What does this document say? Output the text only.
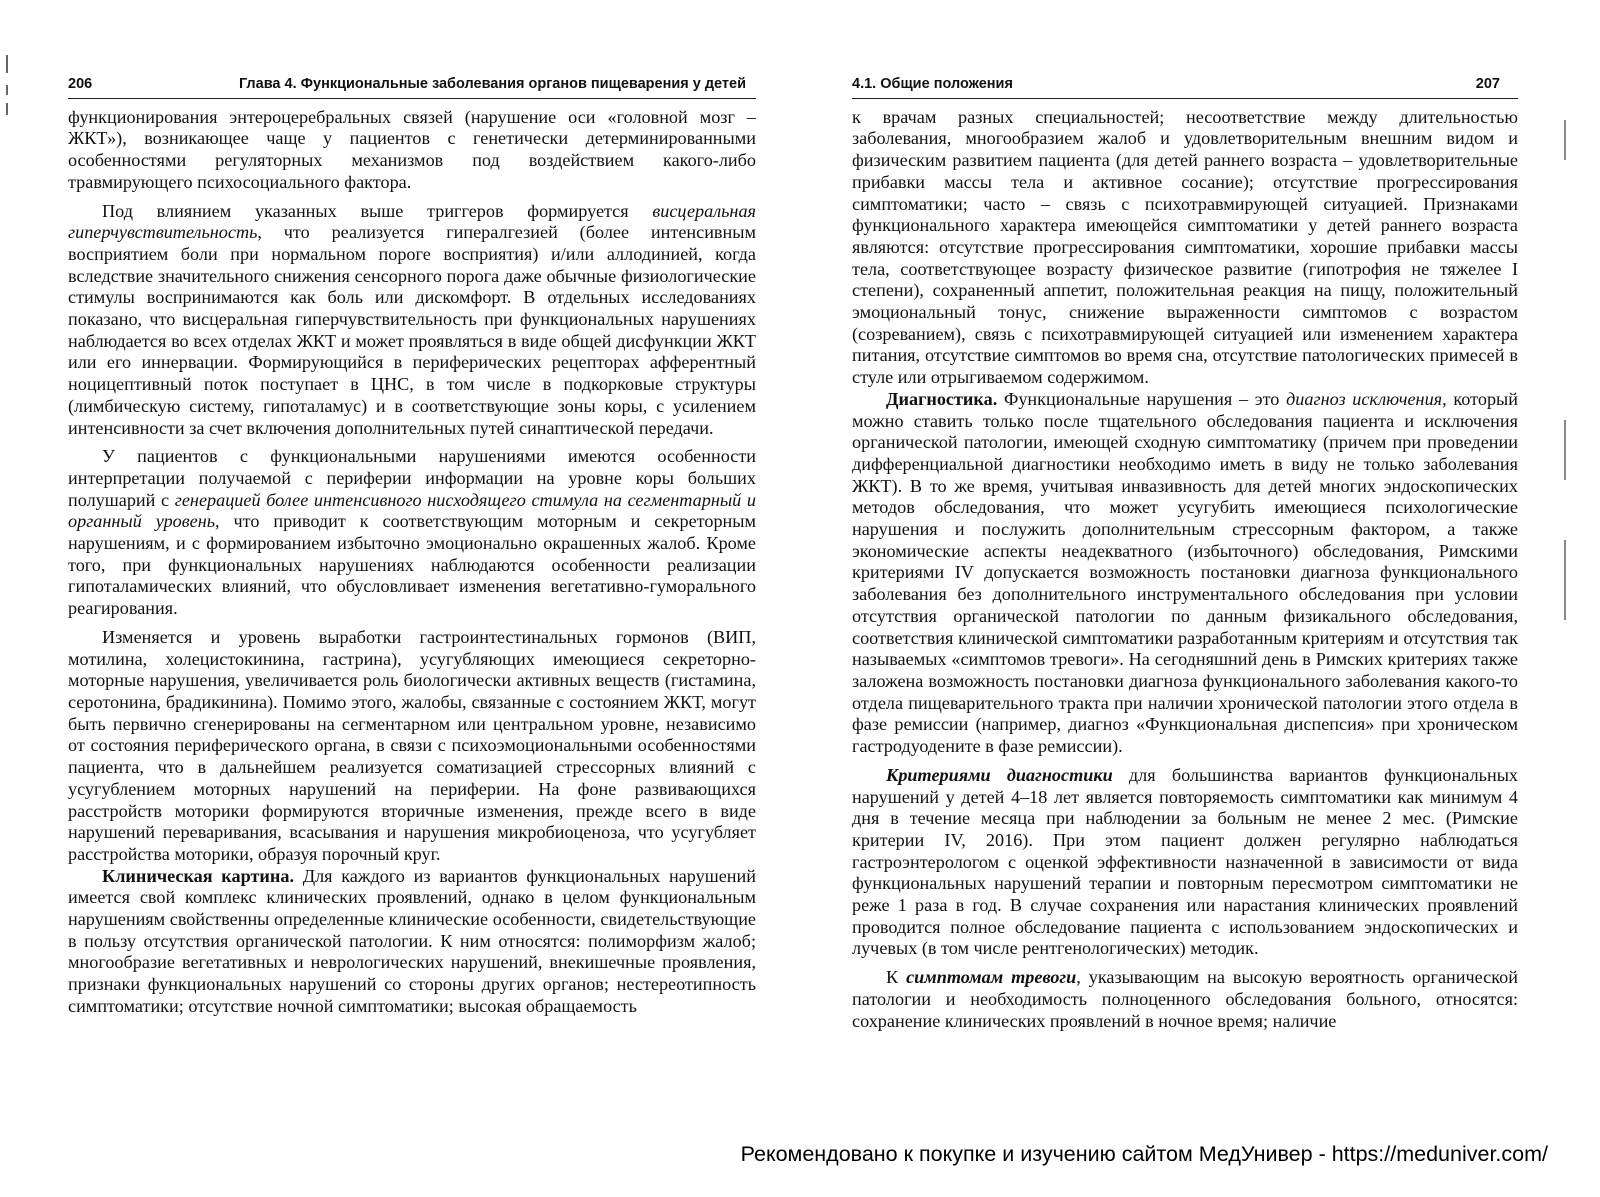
206	Глава 4. Функциональные заболевания органов пищеварения у детей

функционирования энтероцеребральных связей (нарушение оси «головной мозг – ЖКТ»), возникающее чаще у пациентов с генетически детерминированными особенностями регуляторных механизмов под воздействием какого-либо травмирующего психосоциального фактора.

Под влиянием указанных выше триггеров формируется висцеральная гиперчувствительность, что реализуется гипералгезией (более интенсивным восприятием боли при нормальном пороге восприятия) и/или аллодинией, когда вследствие значительного снижения сенсорного порога даже обычные физиологические стимулы воспринимаются как боль или дискомфорт. В отдельных исследованиях показано, что висцеральная гиперчувствительность при функциональных нарушениях наблюдается во всех отделах ЖКТ и может проявляться в виде общей дисфункции ЖКТ или его иннервации. Формирующийся в периферических рецепторах афферентный ноцицептивный поток поступает в ЦНС, в том числе в подкорковые структуры (лимбическую систему, гипоталамус) и в соответствующие зоны коры, с усилением интенсивности за счет включения дополнительных путей синаптической передачи.

У пациентов с функциональными нарушениями имеются особенности интерпретации получаемой с периферии информации на уровне коры больших полушарий с генерацией более интенсивного нисходящего стимула на сегментарный и органный уровень, что приводит к соответствующим моторным и секреторным нарушениям, и с формированием избыточно эмоционально окрашенных жалоб. Кроме того, при функциональных нарушениях наблюдаются особенности реализации гипоталамических влияний, что обусловливает изменения вегетативно-гуморального реагирования.

Изменяется и уровень выработки гастроинтестинальных гормонов (ВИП, мотилина, холецистокинина, гастрина), усугубляющих имеющиеся секреторно-моторные нарушения, увеличивается роль биологически активных веществ (гистамина, серотонина, брадикинина). Помимо этого, жалобы, связанные с состоянием ЖКТ, могут быть первично сгенерированы на сегментарном или центральном уровне, независимо от состояния периферического органа, в связи с психоэмоциональными особенностями пациента, что в дальнейшем реализуется соматизацией стрессорных влияний с усугублением моторных нарушений на периферии. На фоне развивающихся расстройств моторики формируются вторичные изменения, прежде всего в виде нарушений переваривания, всасывания и нарушения микробиоценоза, что усугубляет расстройства моторики, образуя порочный круг.

Клиническая картина. Для каждого из вариантов функциональных нарушений имеется свой комплекс клинических проявлений, однако в целом функциональным нарушениям свойственны определенные клинические особенности, свидетельствующие в пользу отсутствия органической патологии. К ним относятся: полиморфизм жалоб; многообразие вегетативных и неврологических нарушений, внекишечные проявления, признаки функциональных нарушений со стороны других органов; нестереотипность симптоматики; отсутствие ночной симптоматики; высокая обращаемость

4.1. Общие положения	207

к врачам разных специальностей; несоответствие между длительностью заболевания, многообразием жалоб и удовлетворительным внешним видом и физическим развитием пациента (для детей раннего возраста – удовлетворительные прибавки массы тела и активное сосание); отсутствие прогрессирования симптоматики; часто – связь с психотравмирующей ситуацией. Признаками функционального характера имеющейся симптоматики у детей раннего возраста являются: отсутствие прогрессирования симптоматики, хорошие прибавки массы тела, соответствующее возрасту физическое развитие (гипотрофия не тяжелее I степени), сохраненный аппетит, положительная реакция на пищу, положительный эмоциональный тонус, снижение выраженности симптомов с возрастом (созреванием), связь с психотравмирующей ситуацией или изменением характера питания, отсутствие симптомов во время сна, отсутствие патологических примесей в стуле или отрыгиваемом содержимом.

Диагностика. Функциональные нарушения – это диагноз исключения, который можно ставить только после тщательного обследования пациента и исключения органической патологии, имеющей сходную симптоматику (причем при проведении дифференциальной диагностики необходимо иметь в виду не только заболевания ЖКТ). В то же время, учитывая инвазивность для детей многих эндоскопических методов обследования, что может усугубить имеющиеся психологические нарушения и послужить дополнительным стрессорным фактором, а также экономические аспекты неадекватного (избыточного) обследования, Римскими критериями IV допускается возможность постановки диагноза функционального заболевания без дополнительного инструментального обследования при условии отсутствия органической патологии по данным физикального обследования, соответствия клинической симптоматики разработанным критериям и отсутствия так называемых «симптомов тревоги». На сегодняшний день в Римских критериях также заложена возможность постановки диагноза функционального заболевания какого-то отдела пищеварительного тракта при наличии хронической патологии этого отдела в фазе ремиссии (например, диагноз «Функциональная диспепсия» при хроническом гастродуодените в фазе ремиссии).

Критериями диагностики для большинства вариантов функциональных нарушений у детей 4–18 лет является повторяемость симптоматики как минимум 4 дня в течение месяца при наблюдении за больным не менее 2 мес. (Римские критерии IV, 2016). При этом пациент должен регулярно наблюдаться гастроэнтерологом с оценкой эффективности назначенной в зависимости от вида функциональных нарушений терапии и повторным пересмотром симптоматики не реже 1 раза в год. В случае сохранения или нарастания клинических проявлений проводится полное обследование пациента с использованием эндоскопических и лучевых (в том числе рентгенологических) методик.

К симптомам тревоги, указывающим на высокую вероятность органической патологии и необходимость полноценного обследования больного, относятся: сохранение клинических проявлений в ночное время; наличие

Рекомендовано к покупке и изучению сайтом МедУнивер - https://meduniver.com/
